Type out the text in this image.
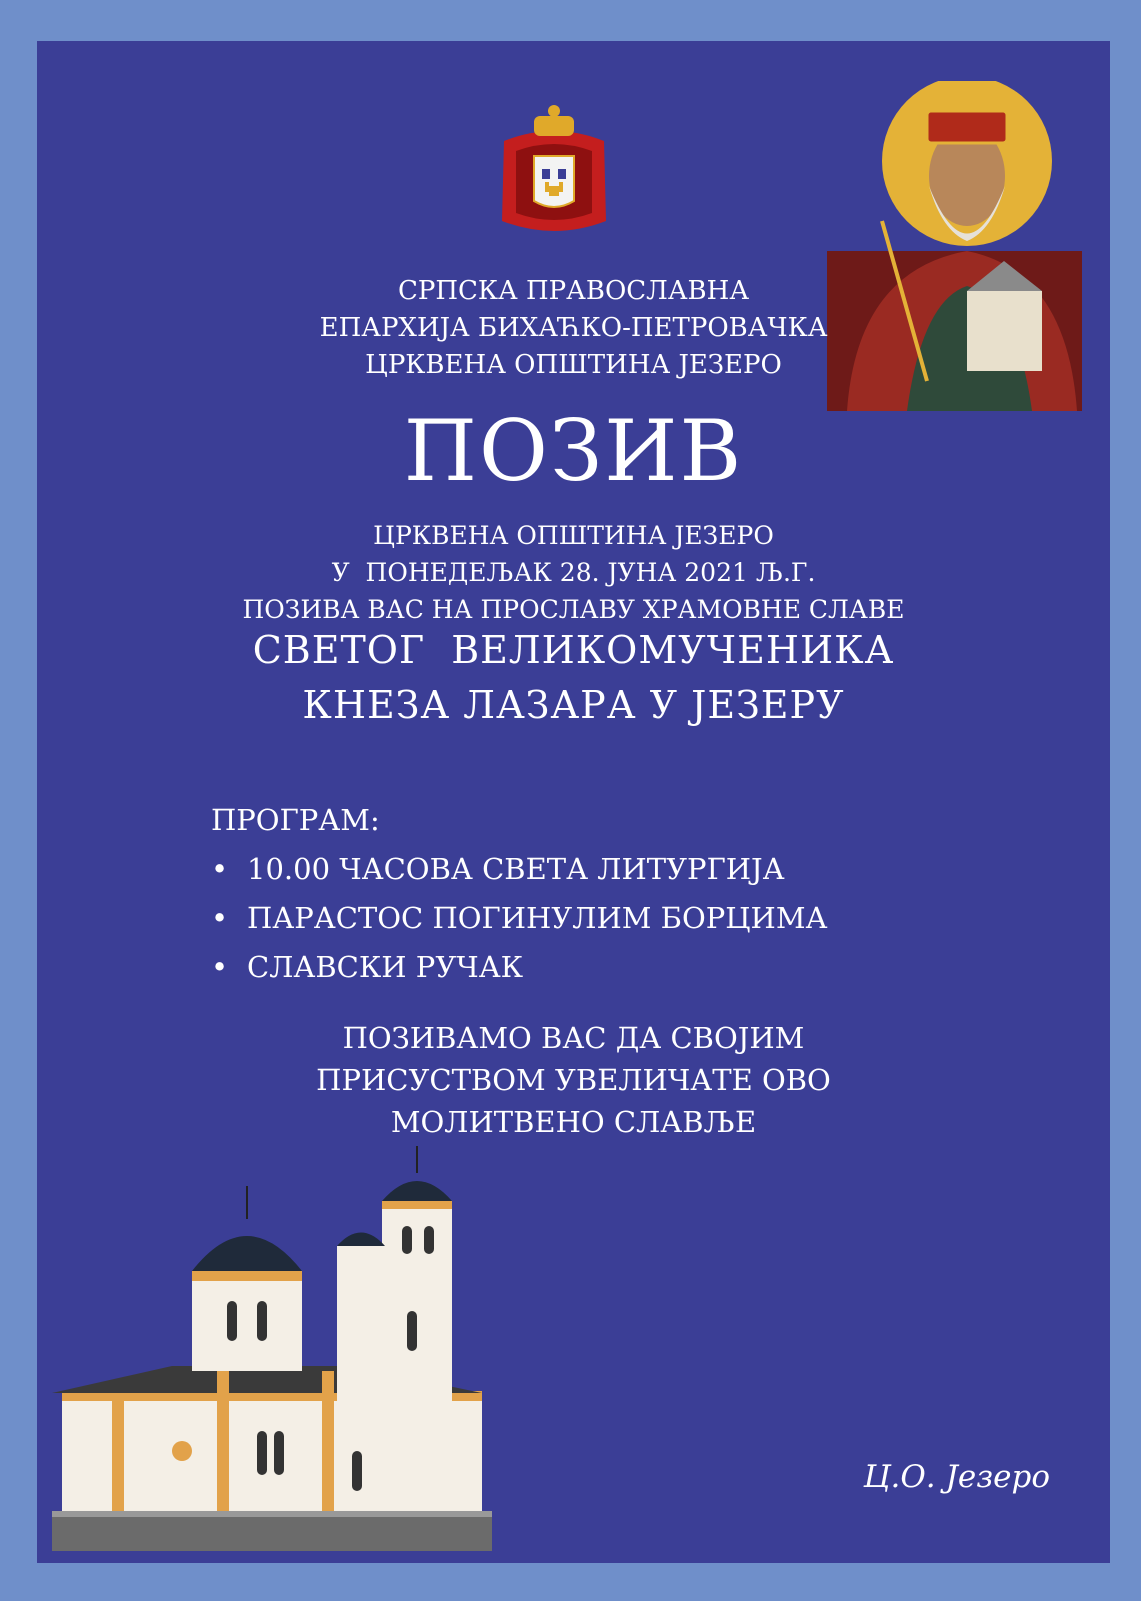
СРПСКА ПРАВОСЛАВНА
ЕПАРХИЈА БИХАЋКО-ПЕТРОВАЧКА
ЦРКВЕНА ОПШТИНА ЈЕЗЕРО
ПОЗИВ
ЦРКВЕНА ОПШТИНА ЈЕЗЕРО
У  ПОНЕДЕЉАК 28. ЈУНА 2021 Љ.Г.
ПОЗИВА ВАС НА ПРОСЛАВУ ХРАМОВНЕ СЛАВЕ
СВЕТОГ  ВЕЛИКОМУЧЕНИКА
КНЕЗА ЛАЗАРА У ЈЕЗЕРУ
ПРОГРАМ:
• 10.00 ЧАСОВА СВЕТА ЛИТУРГИЈА
• ПАРАСТОС ПОГИНУЛИМ БОРЦИМА
• СЛАВСКИ РУЧАК
ПОЗИВАМО ВАС ДА СВОЈИМ
ПРИСУСТВОМ УВЕЛИЧАТЕ ОВО
МОЛИТВЕНО СЛАВЉЕ
Ц.О. Језеро
